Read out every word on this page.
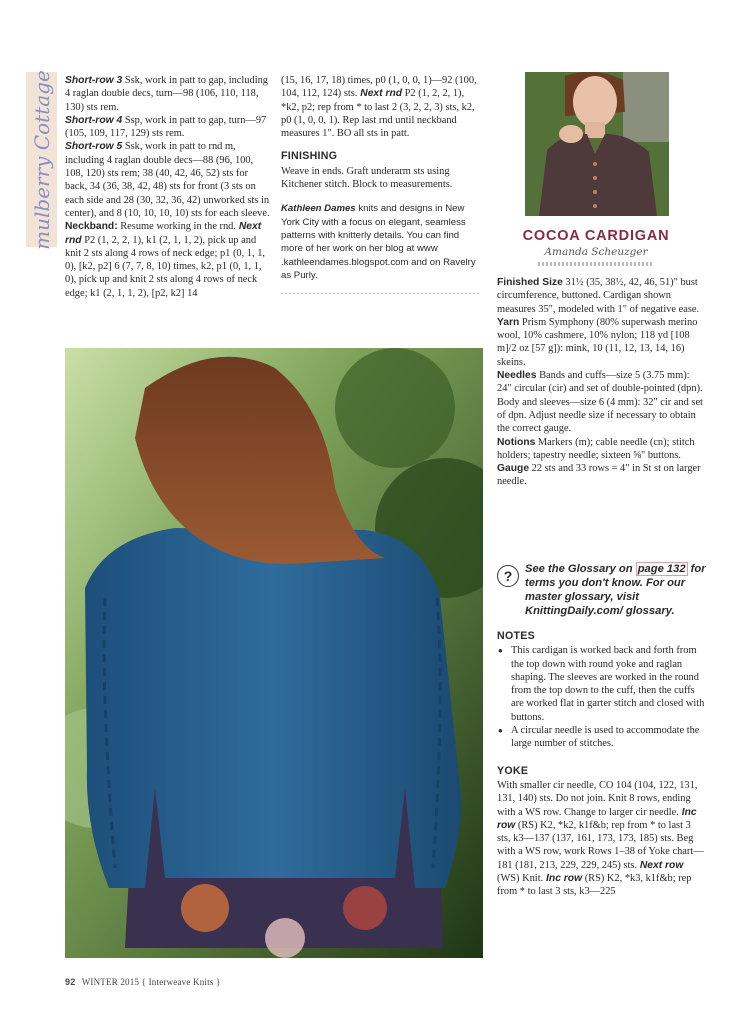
mulberry Cottage Short-row 3 Ssk, work in patt to gap, including 4 raglan double decs, turn—98 (106, 110, 118, 130) sts rem.

Short-row 4 Ssp, work in patt to gap, turn—97 (105, 109, 117, 129) sts rem.

Short-row 5 Ssk, work in patt to rnd m, including 4 raglan double decs—88 (96, 100, 108, 120) sts rem; 38 (40, 42, 46, 52) sts for back, 34 (36, 38, 42, 48) sts for front (3 sts on each side and 28 (30, 32, 36, 42) unworked sts in center), and 8 (10, 10, 10, 10) sts for each sleeve. Neckband: Resume working in the rnd. Next rnd P2 (1, 2, 2, 1), k1 (2, 1, 1, 2), pick up and knit 2 sts along 4 rows of neck edge; p1 (0, 1, 1, 0), [k2, p2] 6 (7, 7, 8, 10) times, k2, p1 (0, 1, 1, 0), pick up and knit 2 sts along 4 rows of neck edge; k1 (2, 1, 1, 2), [p2, k2] 14

(15, 16, 17, 18) times, p0 (1, 0, 0, 1)—92 (100, 104, 112, 124) sts. Next rnd P2 (1, 2, 2, 1), *k2, p2; rep from * to last 2 (3, 2, 2, 3) sts, k2, p0 (1, 0, 0, 1). Rep last rnd until neckband measures 1". BO all sts in patt.

FINISHING

Weave in ends. Graft underarm sts using Kitchener stitch. Block to measurements.

Kathleen Dames knits and designs in New York City with a focus on elegant, seamless patterns with knitterly details. You can find more of her work on her blog at www .kathleendames.blogspot.com and on Ravelry as Purly.

COCOA CARDIGAN
Amanda Scheuzger

Finished Size 31½ (35, 38½, 42, 46, 51)" bust circumference, buttoned. Cardigan shown measures 35", modeled with 1" of negative ease.

Yarn Prism Symphony (80% superwash merino wool, 10% cashmere, 10% nylon; 118 yd [108 m]/2 oz [57 g]): mink, 10 (11, 12, 13, 14, 16) skeins.

Needles Bands and cuffs—size 5 (3.75 mm): 24" circular (cir) and set of double-pointed (dpn). Body and sleeves—size 6 (4 mm): 32" cir and set of dpn. Adjust needle size if necessary to obtain the correct gauge.

Notions Markers (m); cable needle (cn); stitch holders; tapestry needle; sixteen ⅝" buttons.

Gauge 22 sts and 33 rows = 4" in St st on larger needle.

?	See the Glossary on page 132 for terms you don't know. For our master glossary, visit KnittingDaily.com/ glossary.
NOTES
● This cardigan is worked back and forth from the top down with round yoke and raglan shaping. The sleeves are worked in the round from the top down to the cuff, then the cuffs are worked flat in garter stitch and closed with buttons.
● A circular needle is used to accommodate the large number of stitches.
YOKE

With smaller cir needle, CO 104 (104, 122, 131, 131, 140) sts. Do not join. Knit 8 rows, ending with a WS row. Change to larger cir needle. Inc row (RS) K2, *k2, k1f&b; rep from * to last 3 sts, k3—137 (137, 161, 173, 173, 185) sts. Beg with a WS row, work Rows 1–38 of Yoke chart—181 (181, 213, 229, 229, 245) sts. Next row (WS) Knit. Inc row (RS) K2, *k3, k1f&b; rep from * to last 3 sts, k3—225

92 WINTER 2015 { Interweave Knits }
